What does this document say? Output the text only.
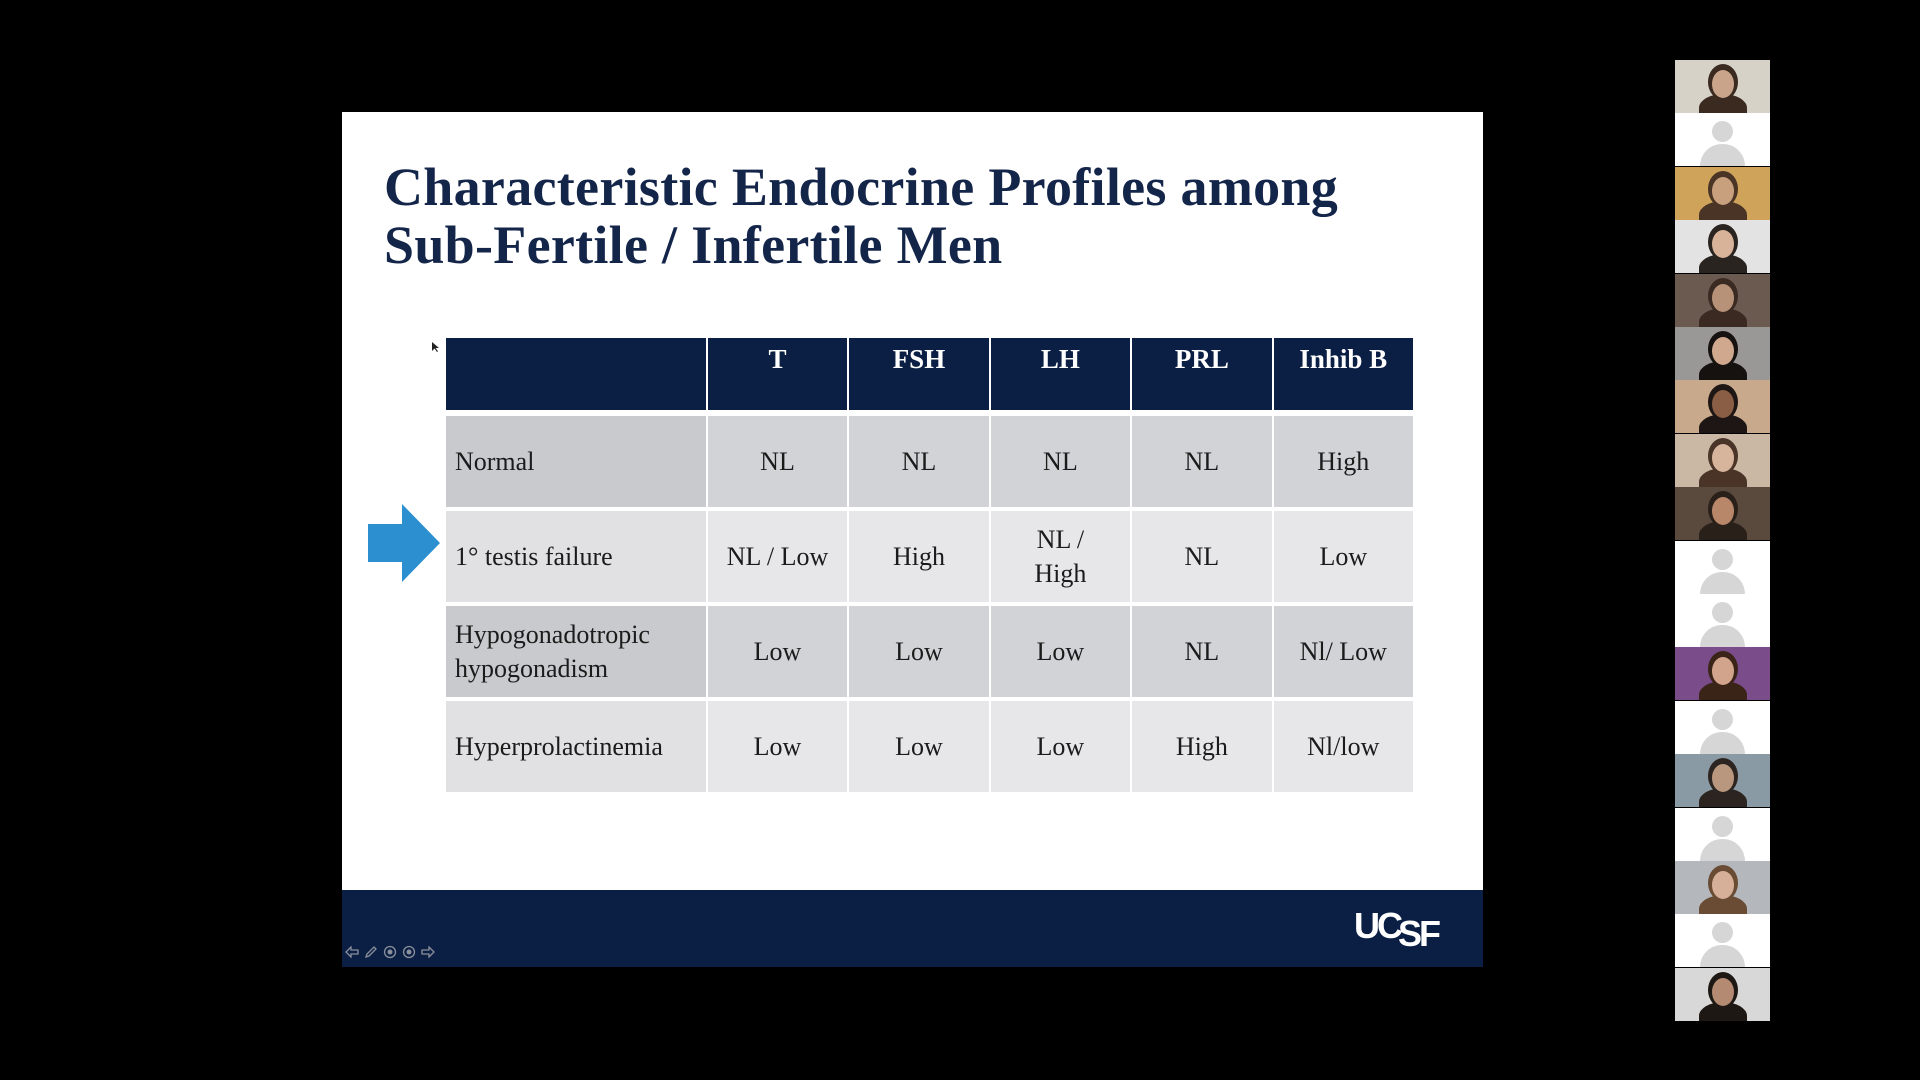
Characteristic Endocrine Profiles among
Sub-Fertile / Infertile Men
	T	FSH	LH	PRL	Inhib B
Normal	NL	NL	NL	NL	High
1° testis failure	NL / Low	High	NL / High	NL	Low
Hypogonadotropic hypogonadism	Low	Low	Low	NL	Nl/ Low
Hyperprolactinemia	Low	Low	Low	High	Nl/low
UCSF
